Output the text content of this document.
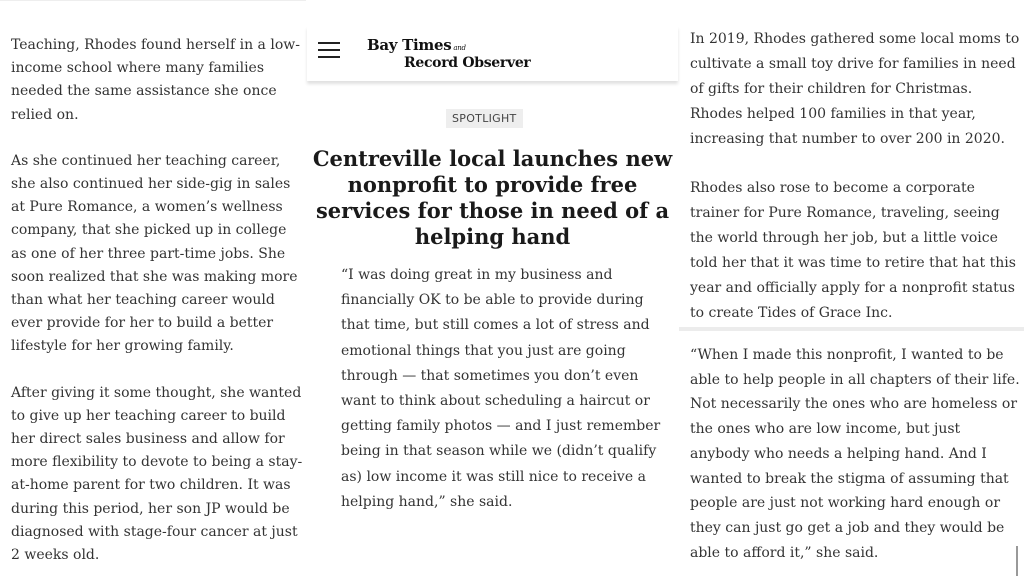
Teaching, Rhodes found herself in a low-income school where many families needed the same assistance she once relied on.

As she continued her teaching career, she also continued her side-gig in sales at Pure Romance, a women’s wellness company, that she picked up in college as one of her three part-time jobs. She soon realized that she was making more than what her teaching career would ever provide for her to build a better lifestyle for her growing family.

After giving it some thought, she wanted to give up her teaching career to build her direct sales business and allow for more flexibility to devote to being a stay-at-home parent for two children. It was during this period, her son JP would be diagnosed with stage-four cancer at just 2 weeks old.

Bay Times and
Record Observer
SPOTLIGHT
Centreville local launches new nonprofit to provide free services for those in need of a helping hand

“I was doing great in my business and financially OK to be able to provide during that time, but still comes a lot of stress and emotional things that you just are going through — that sometimes you don’t even want to think about scheduling a haircut or getting family photos — and I just remember being in that season while we (didn’t qualify as) low income it was still nice to receive a helping hand,” she said.

In 2019, Rhodes gathered some local moms to cultivate a small toy drive for families in need of gifts for their children for Christmas. Rhodes helped 100 families in that year, increasing that number to over 200 in 2020.

Rhodes also rose to become a corporate trainer for Pure Romance, traveling, seeing the world through her job, but a little voice told her that it was time to retire that hat this year and officially apply for a nonprofit status to create Tides of Grace Inc.

“When I made this nonprofit, I wanted to be able to help people in all chapters of their life. Not necessarily the ones who are homeless or the ones who are low income, but just anybody who needs a helping hand. And I wanted to break the stigma of assuming that people are just not working hard enough or they can just go get a job and they would be able to afford it,” she said.
